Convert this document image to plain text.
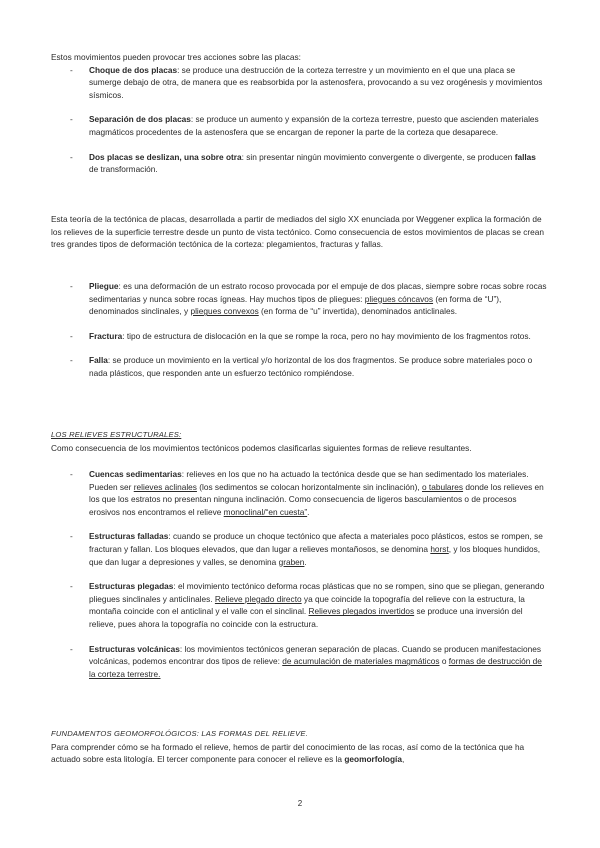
Estos movimientos pueden provocar tres acciones sobre las placas:

- Choque de dos placas: se produce una destrucción de la corteza terrestre y un movimiento en el que una placa se sumerge debajo de otra, de manera que es reabsorbida por la astenosfera, provocando a su vez orogénesis y movimientos sísmicos.
- Separación de dos placas: se produce un aumento y expansión de la corteza terrestre, puesto que ascienden materiales magmáticos procedentes de la astenosfera que se encargan de reponer la parte de la corteza que desaparece.
- Dos placas se deslizan, una sobre otra: sin presentar ningún movimiento convergente o divergente, se producen fallas de transformación.

Esta teoría de la tectónica de placas, desarrollada a partir de mediados del siglo XX enunciada por Weggener explica la formación de los relieves de la superficie terrestre desde un punto de vista tectónico. Como consecuencia de estos movimientos de placas se crean tres grandes tipos de deformación tectónica de la corteza: plegamientos, fracturas y fallas.

- Pliegue: es una deformación de un estrato rocoso provocada por el empuje de dos placas, siempre sobre rocas sobre rocas sedimentarias y nunca sobre rocas ígneas. Hay muchos tipos de pliegues: pliegues cóncavos (en forma de “U”), denominados sinclinales, y pliegues convexos (en forma de “u” invertida), denominados anticlinales.
- Fractura: tipo de estructura de dislocación en la que se rompe la roca, pero no hay movimiento de los fragmentos rotos.
- Falla: se produce un movimiento en la vertical y/o horizontal de los dos fragmentos. Se produce sobre materiales poco o nada plásticos, que responden ante un esfuerzo tectónico rompiéndose.

LOS RELIEVES ESTRUCTURALES:

Como consecuencia de los movimientos tectónicos podemos clasificarlas siguientes formas de relieve resultantes.

- Cuencas sedimentarias: relieves en los que no ha actuado la tectónica desde que se han sedimentado los materiales. Pueden ser relieves aclinales (los sedimentos se colocan horizontalmente sin inclinación), o tabulares donde los relieves en los que los estratos no presentan ninguna inclinación. Como consecuencia de ligeros basculamientos o de procesos erosivos nos encontramos el relieve monoclinal/“en cuesta”.
- Estructuras falladas: cuando se produce un choque tectónico que afecta a materiales poco plásticos, estos se rompen, se fracturan y fallan. Los bloques elevados, que dan lugar a relieves montañosos, se denomina horst, y los bloques hundidos, que dan lugar a depresiones y valles, se denomina graben.
- Estructuras plegadas: el movimiento tectónico deforma rocas plásticas que no se rompen, sino que se pliegan, generando pliegues sinclinales y anticlinales. Relieve plegado directo ya que coincide la topografía del relieve con la estructura, la montaña coincide con el anticlinal y el valle con el sinclinal. Relieves plegados invertidos se produce una inversión del relieve, pues ahora la topografía no coincide con la estructura.
- Estructuras volcánicas: los movimientos tectónicos generan separación de placas. Cuando se producen manifestaciones volcánicas, podemos encontrar dos tipos de relieve: de acumulación de materiales magmáticos o formas de destrucción de la corteza terrestre.

FUNDAMENTOS GEOMORFOLÓGICOS: LAS FORMAS DEL RELIEVE.

Para comprender cómo se ha formado el relieve, hemos de partir del conocimiento de las rocas, así como de la tectónica que ha actuado sobre esta litología. El tercer componente para conocer el relieve es la geomorfología,

2
